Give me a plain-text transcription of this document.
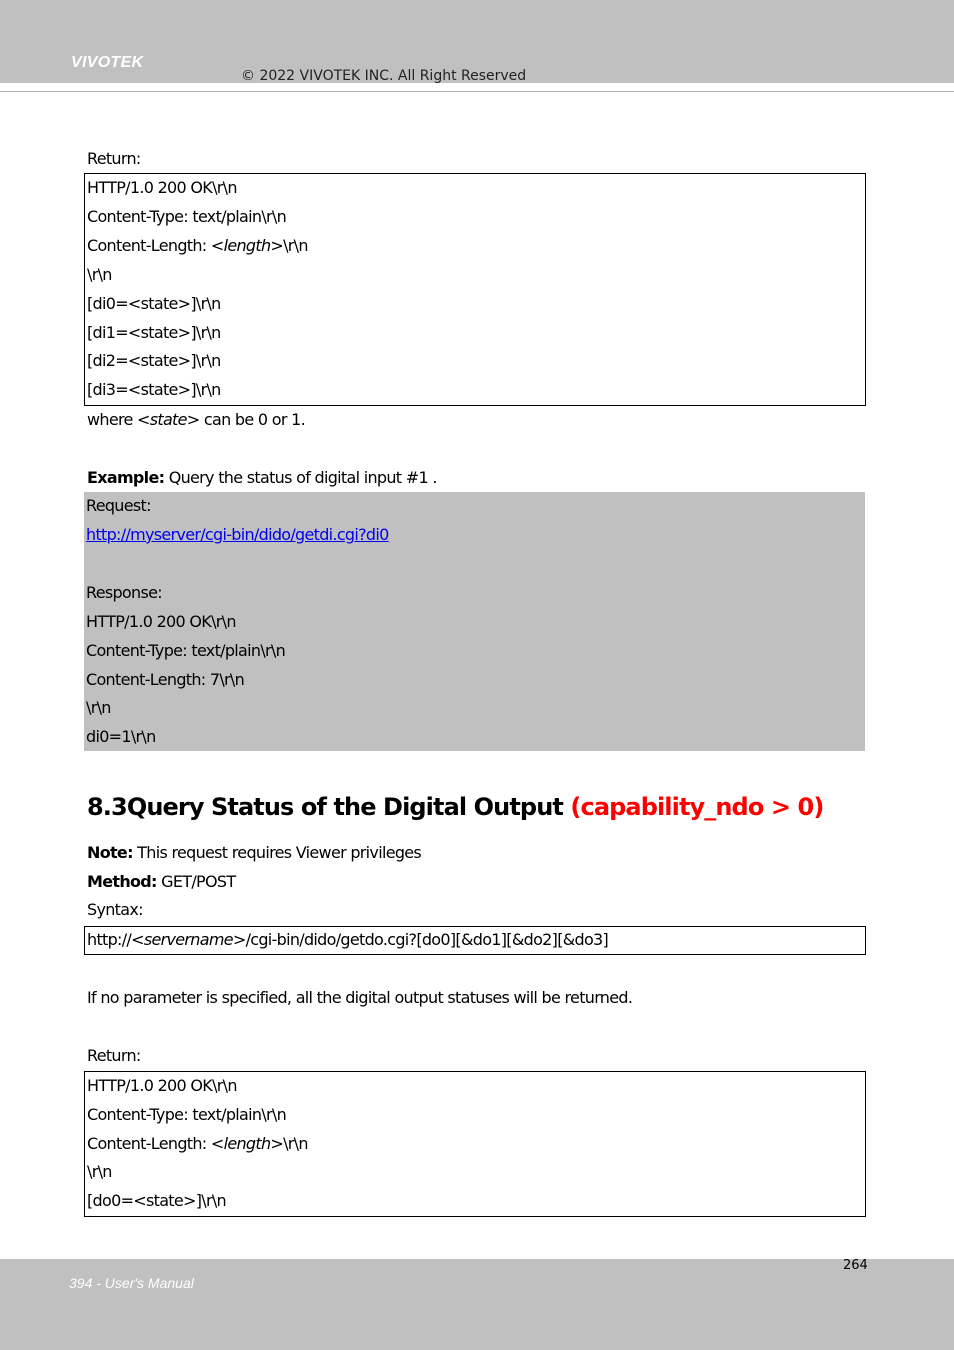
VIVOTEK
© 2022 VIVOTEK INC. All Right Reserved
Return:
HTTP/1.0 200 OK\r\n
Content-Type: text/plain\r\n
Content-Length: <length>\r\n
\r\n
[di0=<state>]\r\n
[di1=<state>]\r\n
[di2=<state>]\r\n
[di3=<state>]\r\n
where <state> can be 0 or 1.
Example: Query the status of digital input #1 .
Request:
http://myserver/cgi-bin/dido/getdi.cgi?di0
Response:
HTTP/1.0 200 OK\r\n
Content-Type: text/plain\r\n
Content-Length: 7\r\n
\r\n
di0=1\r\n
8.3Query Status of the Digital Output (capability_ndo > 0)
Note: This request requires Viewer privileges
Method: GET/POST
Syntax:
http://<servername>/cgi-bin/dido/getdo.cgi?[do0][&do1][&do2][&do3]
If no parameter is specified, all the digital output statuses will be returned.
Return:
HTTP/1.0 200 OK\r\n
Content-Type: text/plain\r\n
Content-Length: <length>\r\n
\r\n
[do0=<state>]\r\n
264
394 - User's Manual
